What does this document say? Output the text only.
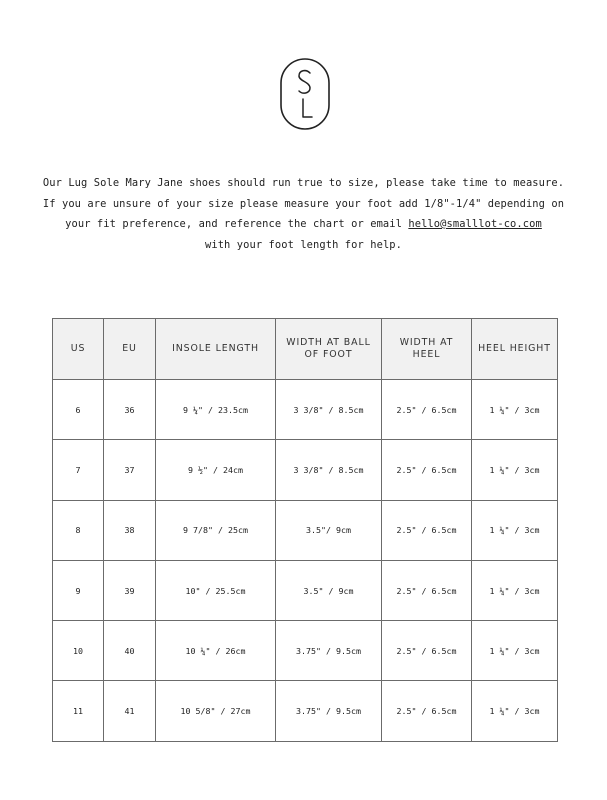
Our Lug Sole Mary Jane shoes should run true to size, please take time to measure.
If you are unsure of your size please measure your foot add 1/8"-1/4" depending on
your fit preference, and reference the chart or email hello@smalllot-co.com
with your foot length for help.
US	EU	INSOLE LENGTH	WIDTH AT BALL OF FOOT	WIDTH AT HEEL	HEEL HEIGHT
6	36	9 ¼" / 23.5cm	3 3/8" / 8.5cm	2.5" / 6.5cm	1 ¼" / 3cm
7	37	9 ½" / 24cm	3 3/8" / 8.5cm	2.5" / 6.5cm	1 ¼" / 3cm
8	38	9 7/8" / 25cm	3.5"/ 9cm	2.5" / 6.5cm	1 ¼" / 3cm
9	39	10" / 25.5cm	3.5" / 9cm	2.5" / 6.5cm	1 ¼" / 3cm
10	40	10 ¼" / 26cm	3.75" / 9.5cm	2.5" / 6.5cm	1 ¼" / 3cm
11	41	10 5/8" / 27cm	3.75" / 9.5cm	2.5" / 6.5cm	1 ¼" / 3cm
